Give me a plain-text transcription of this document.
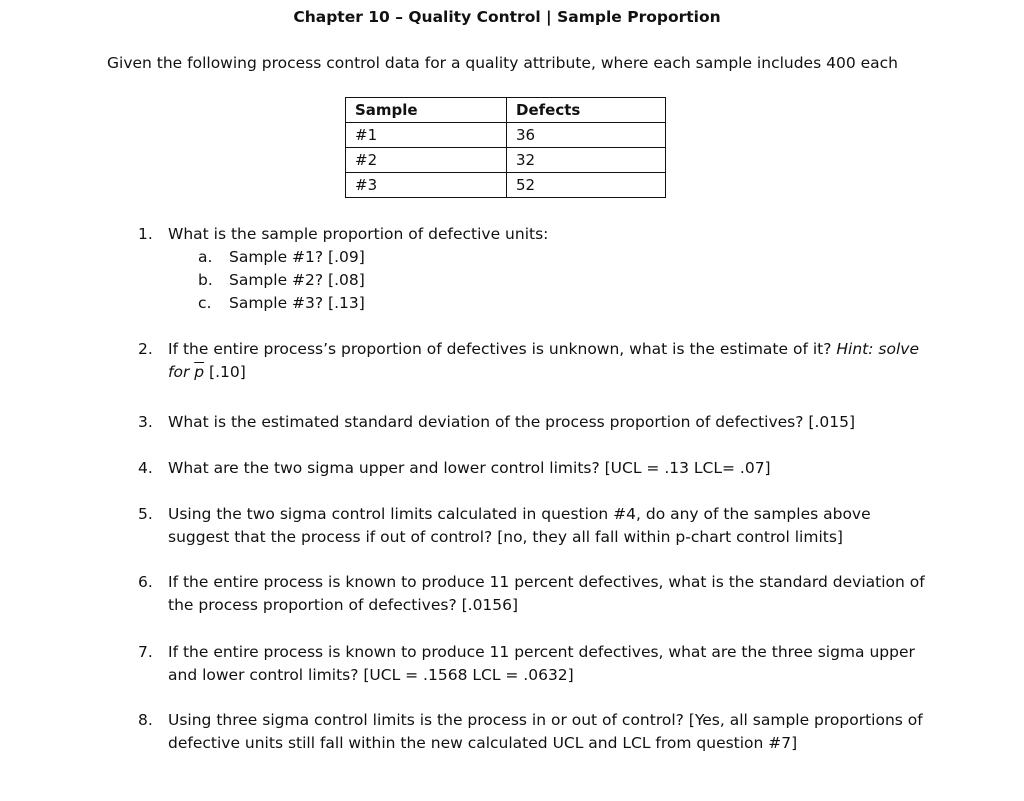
Chapter 10 – Quality Control | Sample Proportion
Given the following process control data for a quality attribute, where each sample includes 400 each
Sample	Defects
#1	36
#2	32
#3	52
1. What is the sample proportion of defective units:
a. Sample #1? [.09]
b. Sample #2? [.08]
c. Sample #3? [.13]
2. If the entire process’s proportion of defectives is unknown, what is the estimate of it? Hint: solve for $\overline{p}$ [.10]
3. What is the estimated standard deviation of the process proportion of defectives? [.015]
4. What are the two sigma upper and lower control limits? [UCL = .13 LCL= .07]
5. Using the two sigma control limits calculated in question #4, do any of the samples above suggest that the process if out of control? [no, they all fall within p-chart control limits]
6. If the entire process is known to produce 11 percent defectives, what is the standard deviation of the process proportion of defectives? [.0156]
7. If the entire process is known to produce 11 percent defectives, what are the three sigma upper and lower control limits? [UCL = .1568 LCL = .0632]
8. Using three sigma control limits is the process in or out of control? [Yes, all sample proportions of defective units still fall within the new calculated UCL and LCL from question #7]
